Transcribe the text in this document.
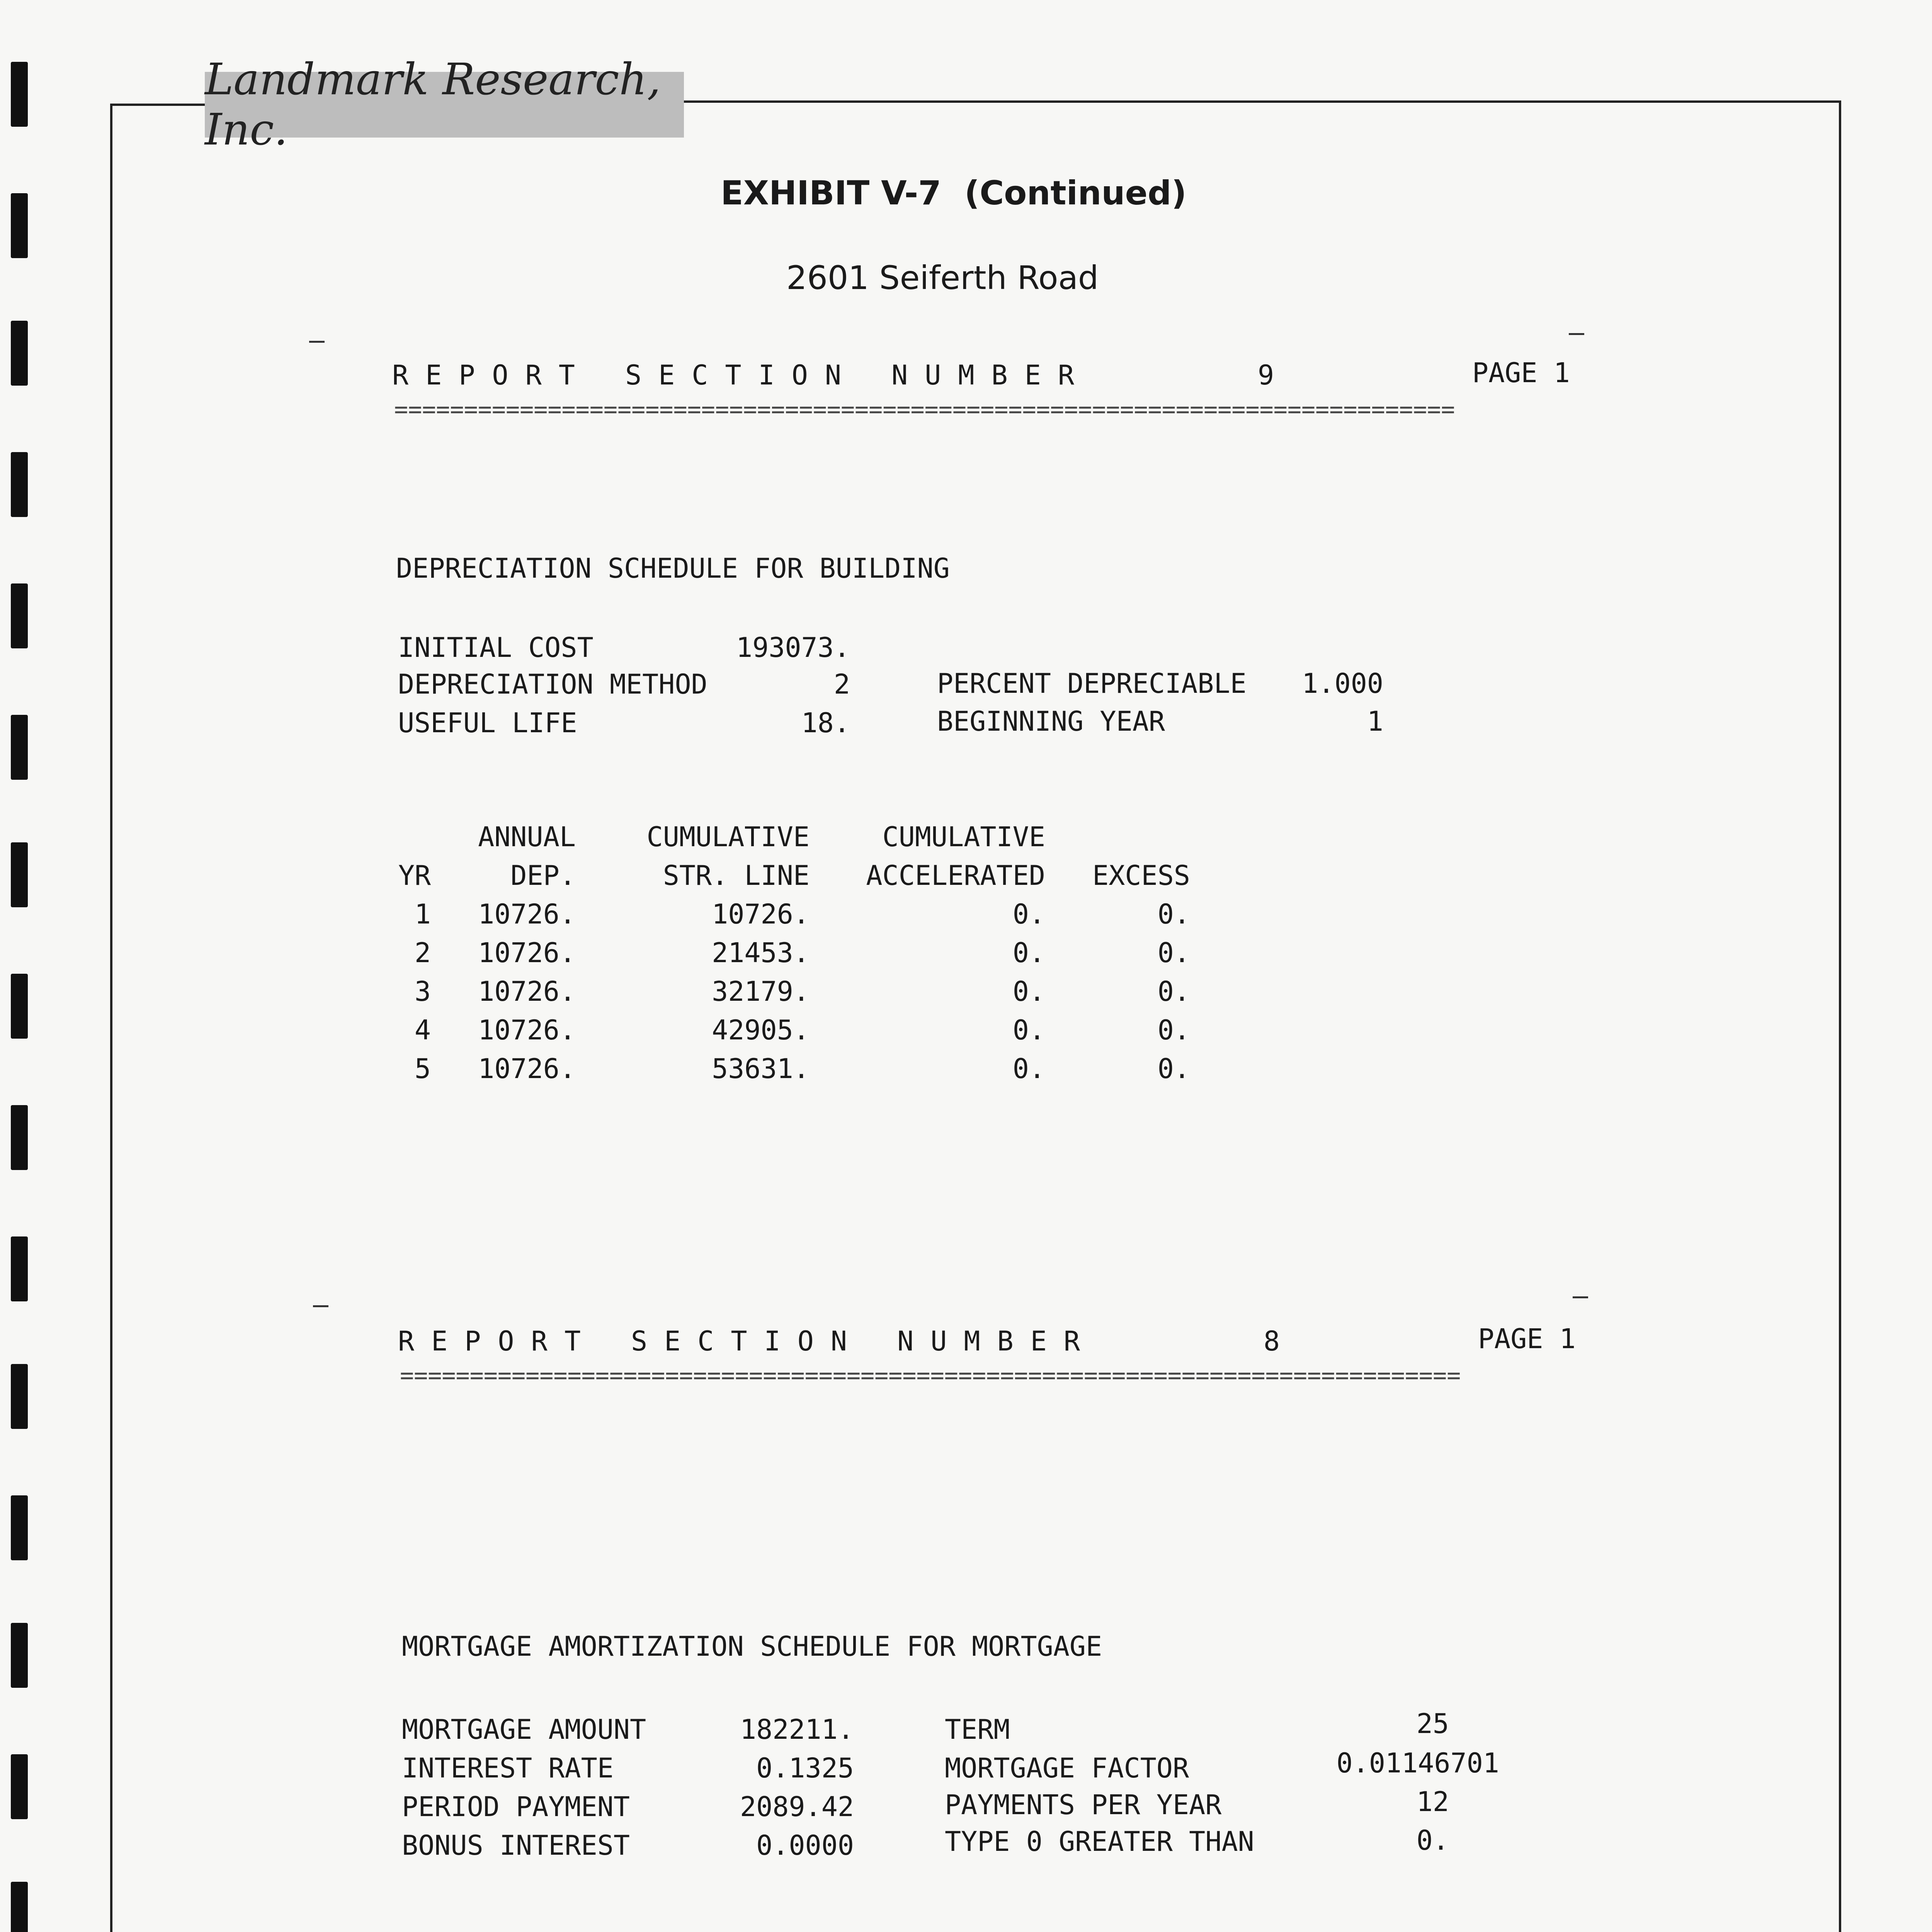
Landmark Research, Inc.
EXHIBIT V-7  (Continued)
2601 Seiferth Road
REPORT SECTION NUMBER	9	PAGE 1
============================================================================
DEPRECIATION SCHEDULE FOR BUILDING
INITIAL COST	193073.
DEPRECIATION METHOD	2
USEFUL LIFE	18.
PERCENT DEPRECIABLE	1.000
BEGINNING YEAR	1
ANNUAL	CUMULATIVE	CUMULATIVE
YR	DEP.	STR. LINE	ACCELERATED	EXCESS
1	10726.	10726.	0.	0.
2	10726.	21453.	0.	0.
3	10726.	32179.	0.	0.
4	10726.	42905.	0.	0.
5	10726.	53631.	0.	0.
REPORT SECTION NUMBER	8	PAGE 1
============================================================================
MORTGAGE AMORTIZATION SCHEDULE FOR MORTGAGE
MORTGAGE AMOUNT	182211.
INTEREST RATE	0.1325
PERIOD PAYMENT	2089.42
BONUS INTEREST	0.0000
TERM	25
MORTGAGE FACTOR	0.01146701
PAYMENTS PER YEAR	12
TYPE 0 GREATER THAN	0.
